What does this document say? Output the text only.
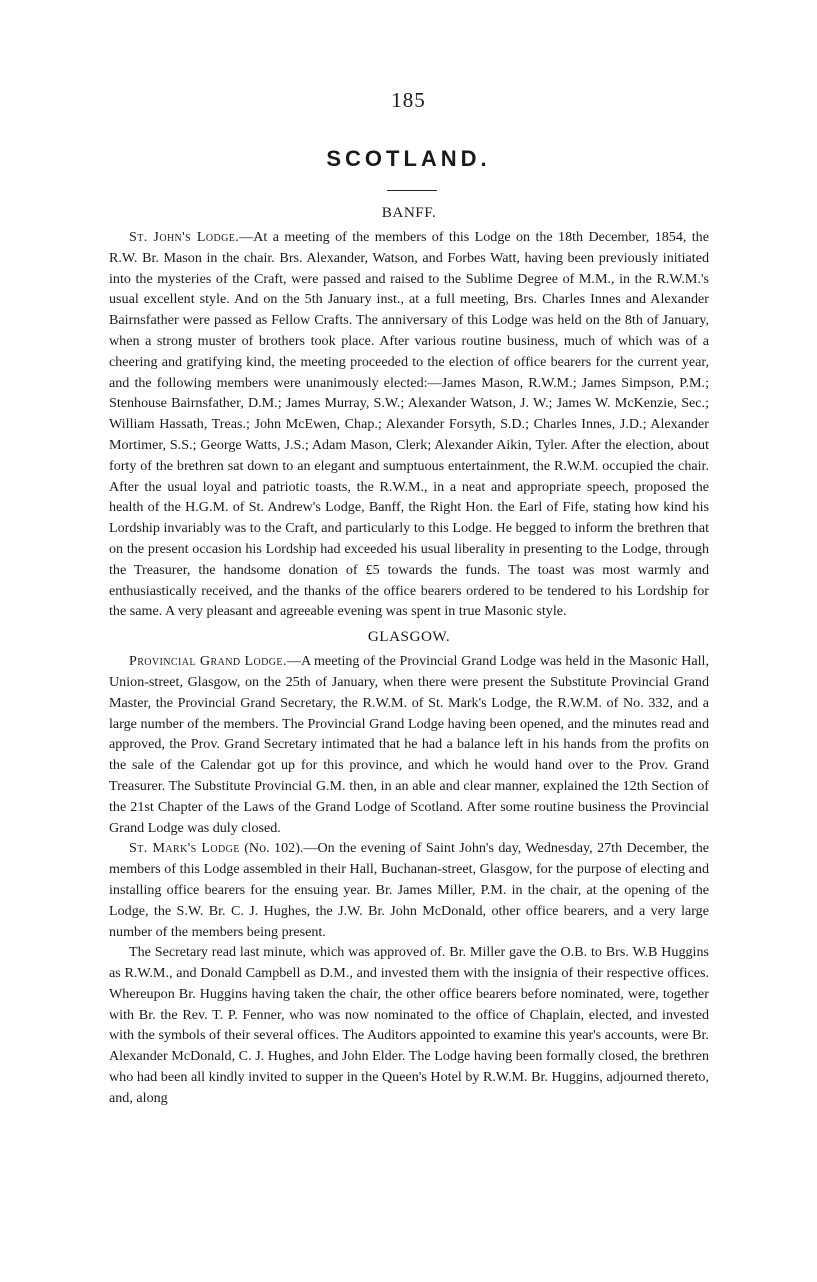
185
SCOTLAND.
BANFF.

St. John's Lodge.—At a meeting of the members of this Lodge on the 18th December, 1854, the R.W. Br. Mason in the chair. Brs. Alexander, Watson, and Forbes Watt, having been previously initiated into the mysteries of the Craft, were passed and raised to the Sublime Degree of M.M., in the R.W.M.'s usual excellent style. And on the 5th January inst., at a full meeting, Brs. Charles Innes and Alexander Bairnsfather were passed as Fellow Crafts. The anniversary of this Lodge was held on the 8th of January, when a strong muster of brothers took place. After various routine business, much of which was of a cheering and gratifying kind, the meeting proceeded to the election of office bearers for the current year, and the following members were unanimously elected:—James Mason, R.W.M.; James Simpson, P.M.; Stenhouse Bairnsfather, D.M.; James Murray, S.W.; Alexander Watson, J. W.; James W. McKenzie, Sec.; William Hassath, Treas.; John McEwen, Chap.; Alexander Forsyth, S.D.; Charles Innes, J.D.; Alexander Mortimer, S.S.; George Watts, J.S.; Adam Mason, Clerk; Alexander Aikin, Tyler. After the election, about forty of the brethren sat down to an elegant and sumptuous entertainment, the R.W.M. occupied the chair. After the usual loyal and patriotic toasts, the R.W.M., in a neat and appropriate speech, proposed the health of the H.G.M. of St. Andrew's Lodge, Banff, the Right Hon. the Earl of Fife, stating how kind his Lordship invariably was to the Craft, and particularly to this Lodge. He begged to inform the brethren that on the present occasion his Lordship had exceeded his usual liberality in presenting to the Lodge, through the Treasurer, the handsome donation of £5 towards the funds. The toast was most warmly and enthusiastically received, and the thanks of the office bearers ordered to be tendered to his Lordship for the same. A very pleasant and agreeable evening was spent in true Masonic style.

GLASGOW.

Provincial Grand Lodge.—A meeting of the Provincial Grand Lodge was held in the Masonic Hall, Union-street, Glasgow, on the 25th of January, when there were present the Substitute Provincial Grand Master, the Provincial Grand Secretary, the R.W.M. of St. Mark's Lodge, the R.W.M. of No. 332, and a large number of the members. The Provincial Grand Lodge having been opened, and the minutes read and approved, the Prov. Grand Secretary intimated that he had a balance left in his hands from the profits on the sale of the Calendar got up for this province, and which he would hand over to the Prov. Grand Treasurer. The Substitute Provincial G.M. then, in an able and clear manner, explained the 12th Section of the 21st Chapter of the Laws of the Grand Lodge of Scotland. After some routine business the Provincial Grand Lodge was duly closed.

St. Mark's Lodge (No. 102).—On the evening of Saint John's day, Wednesday, 27th December, the members of this Lodge assembled in their Hall, Buchanan-street, Glasgow, for the purpose of electing and installing office bearers for the ensuing year. Br. James Miller, P.M. in the chair, at the opening of the Lodge, the S.W. Br. C. J. Hughes, the J.W. Br. John McDonald, other office bearers, and a very large number of the members being present.

The Secretary read last minute, which was approved of. Br. Miller gave the O.B. to Brs. W.B Huggins as R.W.M., and Donald Campbell as D.M., and invested them with the insignia of their respective offices. Whereupon Br. Huggins having taken the chair, the other office bearers before nominated, were, together with Br. the Rev. T. P. Fenner, who was now nominated to the office of Chaplain, elected, and invested with the symbols of their several offices. The Auditors appointed to examine this year's accounts, were Br. Alexander McDonald, C. J. Hughes, and John Elder. The Lodge having been formally closed, the brethren who had been all kindly invited to supper in the Queen's Hotel by R.W.M. Br. Huggins, adjourned thereto, and, along
